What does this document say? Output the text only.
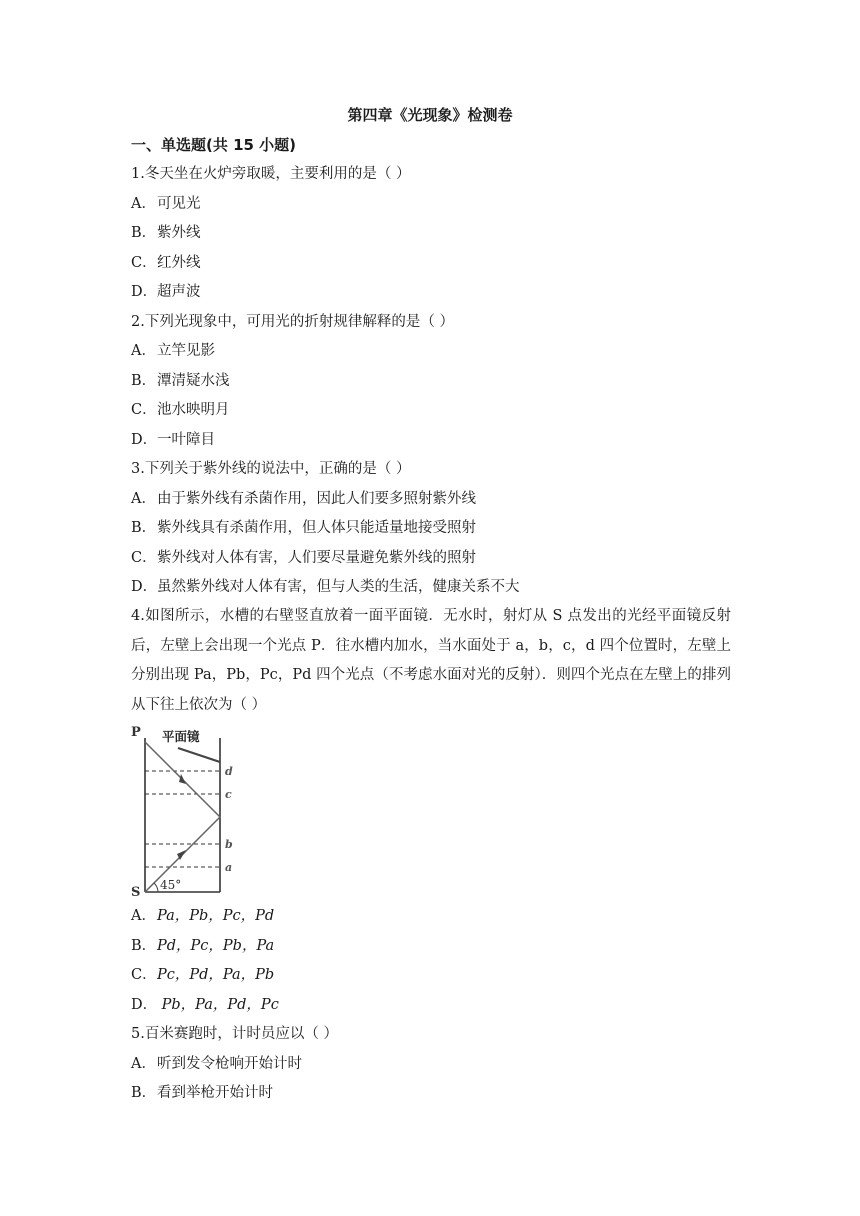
第四章《光现象》检测卷
一、单选题(共 15 小题)
1.冬天坐在火炉旁取暖，主要利用的是（ ）
A．可见光
B．紫外线
C．红外线
D．超声波
2.下列光现象中，可用光的折射规律解释的是（ ）
A．立竿见影
B．潭清疑水浅
C．池水映明月
D．一叶障目
3.下列关于紫外线的说法中，正确的是（ ）
A．由于紫外线有杀菌作用，因此人们要多照射紫外线
B．紫外线具有杀菌作用，但人体只能适量地接受照射
C．紫外线对人体有害，人们要尽量避免紫外线的照射
D．虽然紫外线对人体有害，但与人类的生活，健康关系不大
4.如图所示，水槽的右壁竖直放着一面平面镜．无水时，射灯从 S 点发出的光经平面镜反射后，左壁上会出现一个光点 P．往水槽内加水，当水面处于 a，b，c，d 四个位置时，左壁上分别出现 Pa，Pb，Pc，Pd 四个光点（不考虑水面对光的反射）．则四个光点在左壁上的排列从下往上依次为（ ）
P
S
平面镜
45°
d
c
b
a
A．Pa，Pb，Pc，Pd
B．Pd，Pc，Pb，Pa
C．Pc，Pd，Pa，Pb
D． Pb，Pa，Pd，Pc
5.百米赛跑时，计时员应以（ ）
A．听到发令枪响开始计时
B．看到举枪开始计时
